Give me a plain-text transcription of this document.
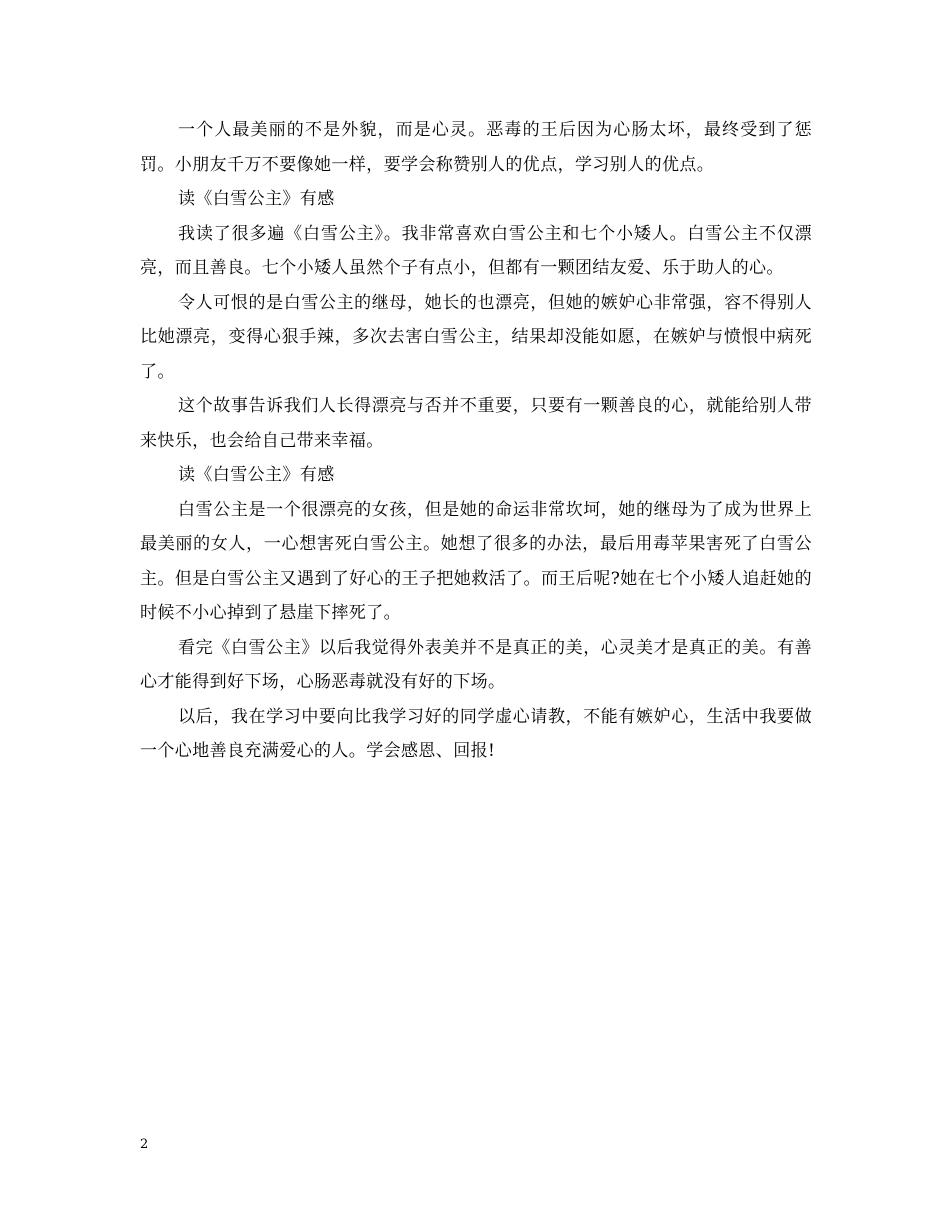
一个人最美丽的不是外貌，而是心灵。恶毒的王后因为心肠太坏，最终受到了惩罚。小朋友千万不要像她一样，要学会称赞别人的优点，学习别人的优点。

读《白雪公主》有感

我读了很多遍《白雪公主》。我非常喜欢白雪公主和七个小矮人。白雪公主不仅漂亮，而且善良。七个小矮人虽然个子有点小，但都有一颗团结友爱、乐于助人的心。

令人可恨的是白雪公主的继母，她长的也漂亮，但她的嫉妒心非常强，容不得别人比她漂亮，变得心狠手辣，多次去害白雪公主，结果却没能如愿，在嫉妒与愤恨中病死了。

这个故事告诉我们人长得漂亮与否并不重要，只要有一颗善良的心，就能给别人带来快乐，也会给自己带来幸福。

读《白雪公主》有感

白雪公主是一个很漂亮的女孩，但是她的命运非常坎坷，她的继母为了成为世界上最美丽的女人，一心想害死白雪公主。她想了很多的办法，最后用毒苹果害死了白雪公主。但是白雪公主又遇到了好心的王子把她救活了。而王后呢?她在七个小矮人追赶她的时候不小心掉到了悬崖下摔死了。

看完《白雪公主》以后我觉得外表美并不是真正的美，心灵美才是真正的美。有善心才能得到好下场，心肠恶毒就没有好的下场。

以后，我在学习中要向比我学习好的同学虚心请教，不能有嫉妒心，生活中我要做一个心地善良充满爱心的人。学会感恩、回报!

2
